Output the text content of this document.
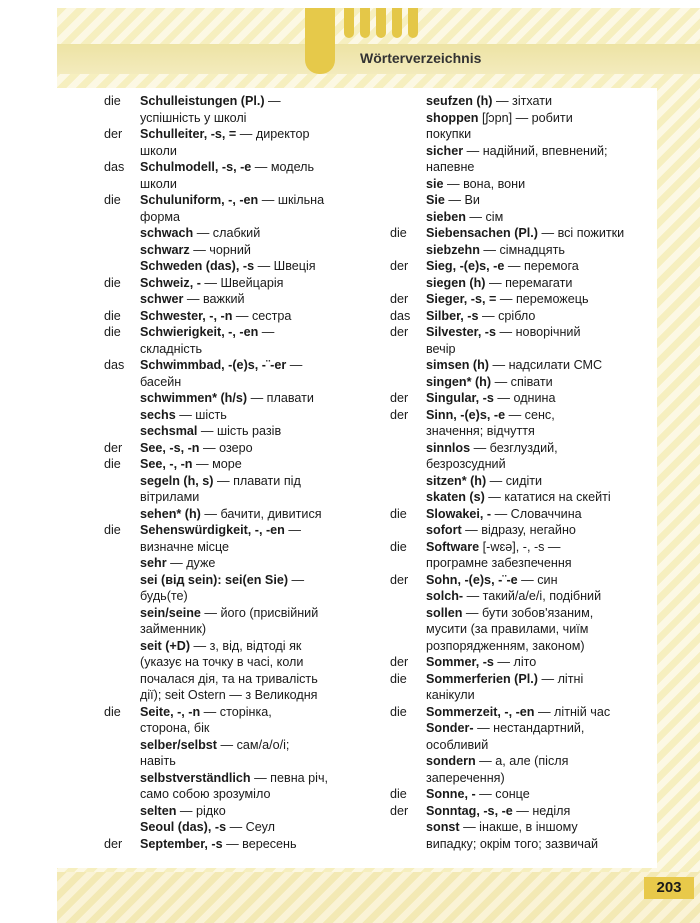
Wörterverzeichnis
die	Schulleistungen (Pl.) —
успішність у школі
der	Schulleiter, -s, = — директор
школи
das	Schulmodell, -s, -e — модель
школи
die	Schuluniform, -, -en — шкільна
форма
schwach — слабкий
schwarz — чорний
Schweden (das), -s — Швеція
die	Schweiz, - — Швейцарія
schwer — важкий
die	Schwester, -, -n — сестра
die	Schwierigkeit, -, -en —
складність
das	Schwimmbad, -(e)s, -¨-er —
басейн
schwimmen* (h/s) — плавати
sechs — шість
sechsmal — шість разів
der	See, -s, -n — озеро
die	See, -, -n — море
segeln (h, s) — плавати під
вітрилами
sehen* (h) — бачити, дивитися
die	Sehenswürdigkeit, -, -en —
визначне місце
sehr — дуже
sei (від sein): sei(en Sie) —
будь(те)
sein/seine — його (присвійний
займенник)
seit (+D) — з, від, відтоді як
(указує на точку в часі, коли
почалася дія, та на тривалість
дії); seit Ostern — з Великодня
die	Seite, -, -n — сторінка,
сторона, бік
selber/selbst — сам/а/о/і;
навіть
selbstverständlich — певна річ,
само собою зрозуміло
selten — рідко
Seoul (das), -s — Сеул
der	September, -s — вересень
seufzen (h) — зітхати
shoppen [ʃɔpn] — робити
покупки
sicher — надійний, впевнений;
напевне
sie — вона, вони
Sie — Ви
sieben — сім
die	Siebensachen (Pl.) — всі пожитки
siebzehn — сімнадцять
der	Sieg, -(e)s, -e — перемога
siegen (h) — перемагати
der	Sieger, -s, = — переможець
das	Silber, -s — срібло
der	Silvester, -s — новорічний
вечір
simsen (h) — надсилати СМС
singen* (h) — співати
der	Singular, -s — однина
der	Sinn, -(e)s, -e — сенс,
значення; відчуття
sinnlos — безглуздий,
безрозсудний
sitzen* (h) — сидіти
skaten (s) — кататися на скейті
die	Slowakei, - — Словаччина
sofort — відразу, негайно
die	Software [-wɛə], -, -s —
програмне забезпечення
der	Sohn, -(e)s, -¨-e — син
solch- — такий/а/е/і, подібний
sollen — бути зобов'язаним,
мусити (за правилами, чиїм
розпорядженням, законом)
der	Sommer, -s — літо
die	Sommerferien (Pl.) — літні
канікули
die	Sommerzeit, -, -en — літній час
Sonder- — нестандартний,
особливий
sondern — а, але (після
заперечення)
die	Sonne, - — сонце
der	Sonntag, -s, -e — неділя
sonst — інакше, в іншому
випадку; окрім того; зазвичай
203
